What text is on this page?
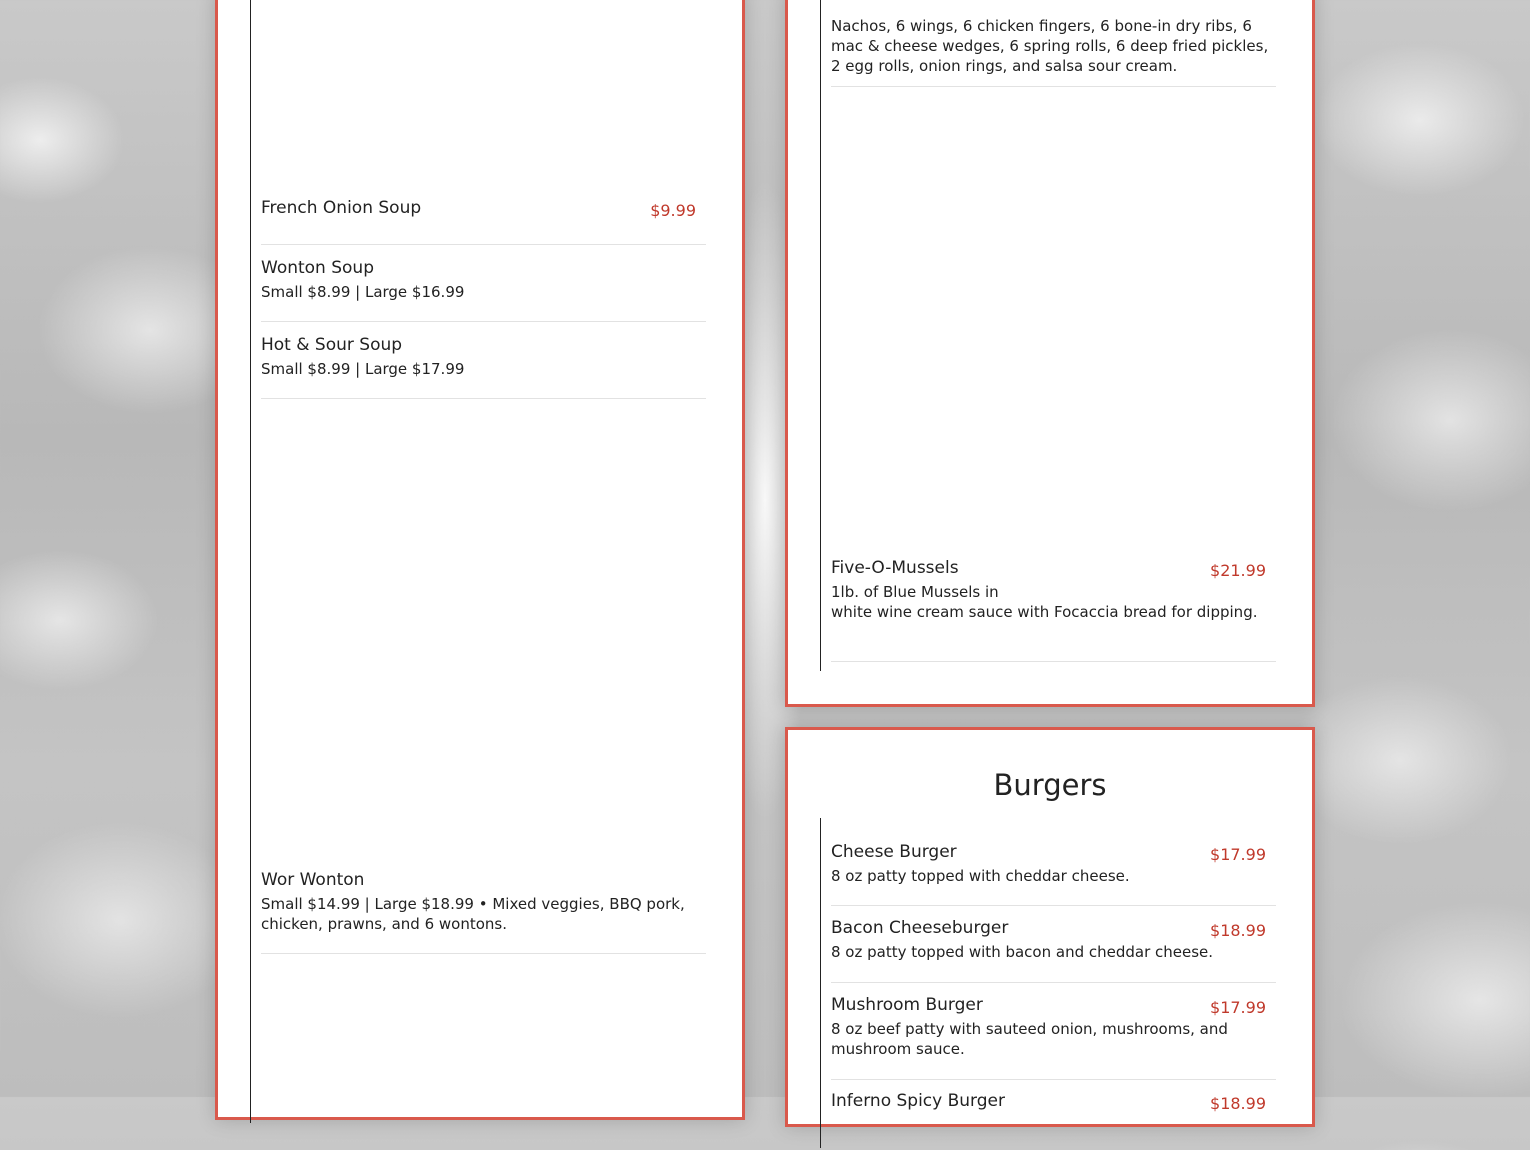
French Onion Soup	$9.99
Wonton Soup
Small $8.99 | Large $16.99
Hot & Sour Soup
Small $8.99 | Large $17.99
Wor Wonton
Small $14.99 | Large $18.99 • Mixed veggies, BBQ pork, chicken, prawns, and 6 wontons.
Nachos, 6 wings, 6 chicken fingers, 6 bone-in dry ribs, 6 mac & cheese wedges, 6 spring rolls, 6 deep fried pickles, 2 egg rolls, onion rings, and salsa sour cream.
Five-O-Mussels	$21.99
1lb. of Blue Mussels in
white wine cream sauce with Focaccia bread for dipping.
Burgers
Cheese Burger	$17.99
8 oz patty topped with cheddar cheese.
Bacon Cheeseburger	$18.99
8 oz patty topped with bacon and cheddar cheese.
Mushroom Burger	$17.99
8 oz beef patty with sauteed onion, mushrooms, and mushroom sauce.
Inferno Spicy Burger	$18.99
